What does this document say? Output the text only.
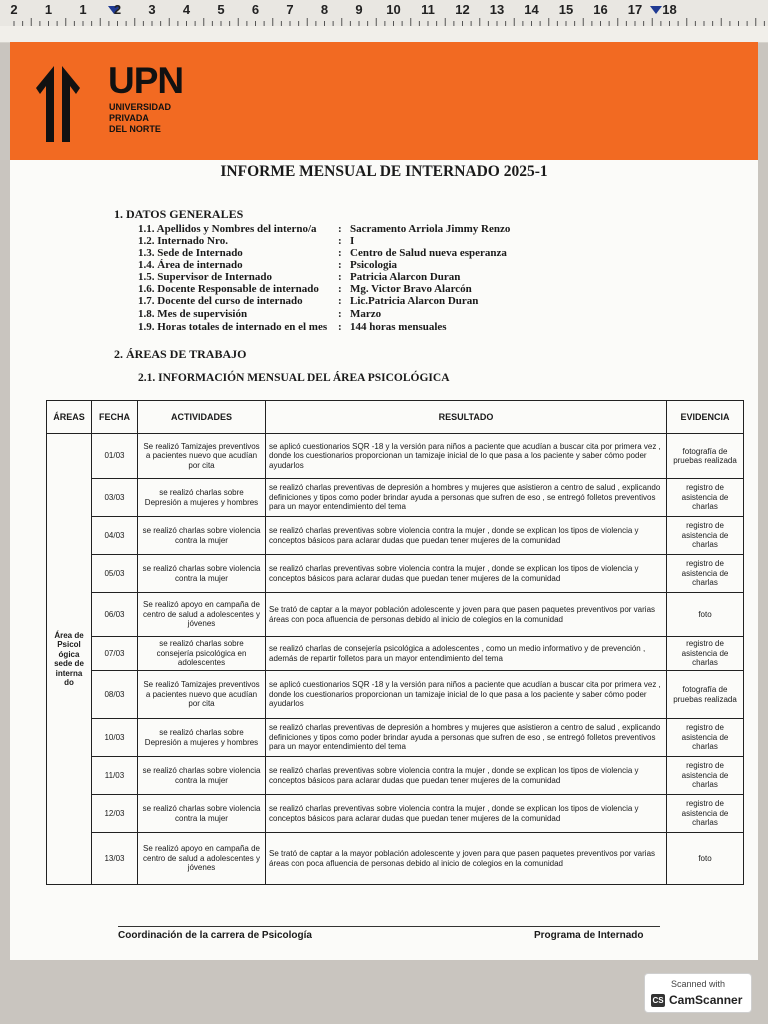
2 1 1 2 3 4 5 6 7 8 9 10 11 12 13 14 15 16 17 18
UPN
UNIVERSIDAD
PRIVADA
DEL NORTE
INFORME MENSUAL DE INTERNADO 2025-1
1. DATOS GENERALES
1.1. Apellidos y Nombres del interno/a : Sacramento Arriola Jimmy Renzo
1.2. Internado Nro.	: I
1.3. Sede de Internado	: Centro de Salud nueva esperanza
1.4. Área de internado	: Psicologia
1.5. Supervisor de Internado	: Patricia Alarcon Duran
1.6. Docente Responsable de internado : Mg. Victor Bravo Alarcón
1.7. Docente del curso de internado	: Lic.Patricia Alarcon Duran
1.8. Mes de supervisión	: Marzo
1.9. Horas totales de internado en el mes : 144 horas mensuales
2. ÁREAS DE TRABAJO
2.1. INFORMACIÓN MENSUAL DEL ÁREA PSICOLÓGICA
ÁREAS	FECHA	ACTIVIDADES	RESULTADO	EVIDENCIA
Área de Psicol ógica sede de interna do	01/03	Se realizó Tamizajes preventivos a pacientes nuevo que acudían por cita	se aplicó cuestionarios SQR -18 y la versión para niños a paciente que acudían a buscar cita por primera vez , donde los cuestionarios proporcionan un tamizaje inicial de lo que pasa a los paciente y saber cómo poder ayudarlos	fotografía de pruebas realizada
	03/03	se realizó charlas sobre Depresión a mujeres y hombres	se realizó charlas preventivas de depresión a hombres y mujeres que asistieron a centro de salud , explicando definiciones y tipos como poder brindar ayuda a personas que sufren de eso , se entregó folletos preventivos para un mayor entendimiento del tema	registro de asistencia de charlas
	04/03	se realizó charlas sobre violencia contra la mujer	se realizó charlas preventivas sobre violencia contra la mujer , donde se explican los tipos de violencia y conceptos básicos para aclarar dudas que puedan tener mujeres de la comunidad	registro de asistencia de charlas
	05/03	se realizó charlas sobre violencia contra la mujer	se realizó charlas preventivas sobre violencia contra la mujer , donde se explican los tipos de violencia y conceptos básicos para aclarar dudas que puedan tener mujeres de la comunidad	registro de asistencia de charlas
	06/03	Se realizó apoyo en campaña de centro de salud a adolescentes y jóvenes	Se trató de captar a la mayor población adolescente y joven para que pasen paquetes preventivos por varias áreas con poca afluencia de personas debido al inicio de colegios en la comunidad	foto
	07/03	se realizó charlas sobre consejería psicológica en adolescentes	se realizó charlas de consejería psicológica a adolescentes , como un medio informativo y de prevención , además de repartir folletos para un mayor entendimiento del tema	registro de asistencia de charlas
	08/03	Se realizó Tamizajes preventivos a pacientes nuevo que acudían por cita	se aplicó cuestionarios SQR -18 y la versión para niños a paciente que acudían a buscar cita por primera vez , donde los cuestionarios proporcionan un tamizaje inicial de lo que pasa a los paciente y saber cómo poder ayudarlos	fotografía de pruebas realizada
	10/03	se realizó charlas sobre Depresión a mujeres y hombres	se realizó charlas preventivas de depresión a hombres y mujeres que asistieron a centro de salud , explicando definiciones y tipos como poder brindar ayuda a personas que sufren de eso , se entregó folletos preventivos para un mayor entendimiento del tema	registro de asistencia de charlas
	11/03	se realizó charlas sobre violencia contra la mujer	se realizó charlas preventivas sobre violencia contra la mujer , donde se explican los tipos de violencia y conceptos básicos para aclarar dudas que puedan tener mujeres de la comunidad	registro de asistencia de charlas
	12/03	se realizó charlas sobre violencia contra la mujer	se realizó charlas preventivas sobre violencia contra la mujer , donde se explican los tipos de violencia y conceptos básicos para aclarar dudas que puedan tener mujeres de la comunidad	registro de asistencia de charlas
	13/03	Se realizó apoyo en campaña de centro de salud a adolescentes y jóvenes	Se trató de captar a la mayor población adolescente y joven para que pasen paquetes preventivos por varias áreas con poca afluencia de personas debido al inicio de colegios en la comunidad	foto
Coordinación de la carrera de Psicología	Programa de Internado
Scanned with
CS CamScanner
